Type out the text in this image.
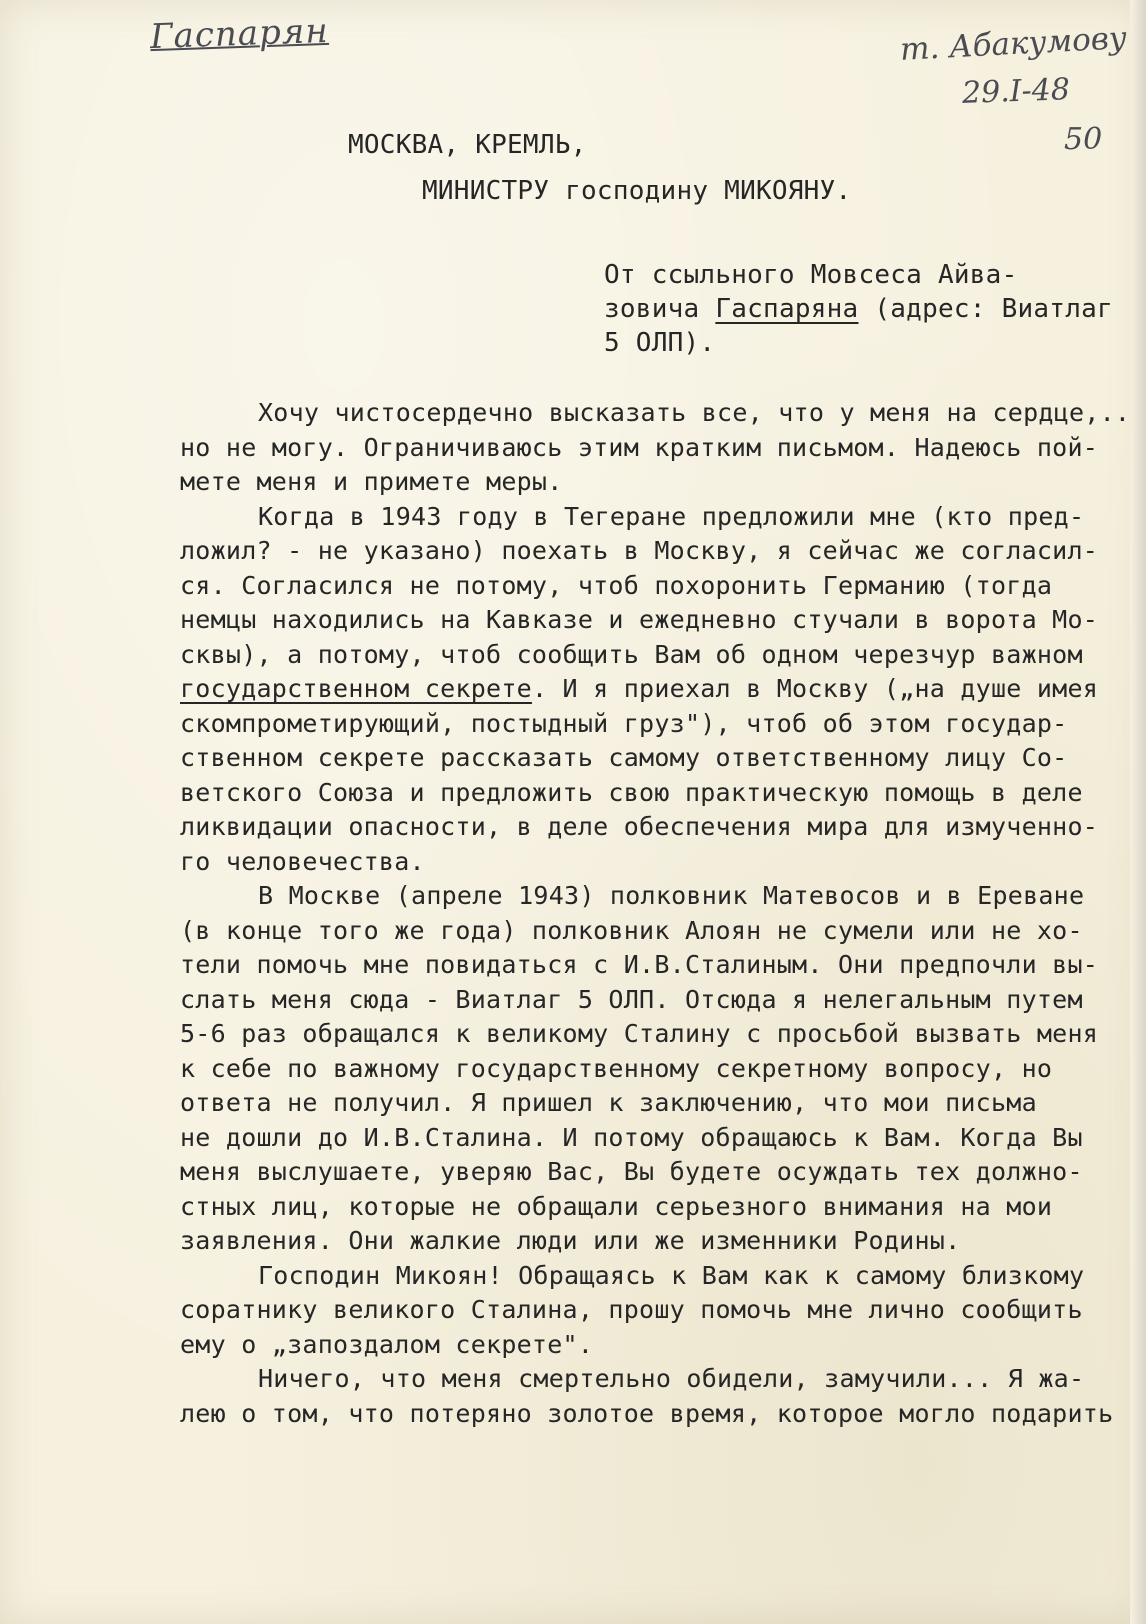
Гаспарян	т. Абакумову
29.I-48
50
МОСКВА, КРЕМЛЬ,
МИНИСТРУ господину МИКОЯНУ.
От ссыльного Мовсеса Айва-
зовича Гаспаряна (адрес: Виатлаг
5 ОЛП).
Хочу чистосердечно высказать все, что у меня на сердце,..
но не могу. Ограничиваюсь этим кратким письмом. Надеюсь пой-
мете меня и примете меры.
Когда в 1943 году в Тегеране предложили мне (кто пред-
ложил? - не указано) поехать в Москву, я сейчас же согласил-
ся. Согласился не потому, чтоб похоронить Германию (тогда
немцы находились на Кавказе и ежедневно стучали в ворота Мо-
сквы), а потому, чтоб сообщить Вам об одном черезчур важном
государственном секрете. И я приехал в Москву („на душе имея
скомпрометирующий, постыдный груз"), чтоб об этом государ-
ственном секрете рассказать самому ответственному лицу Со-
ветского Союза и предложить свою практическую помощь в деле
ликвидации опасности, в деле обеспечения мира для измученно-
го человечества.
В Москве (апреле 1943) полковник Матевосов и в Ереване
(в конце того же года) полковник Алоян не сумели или не хо-
тели помочь мне повидаться с И.В.Сталиным. Они предпочли вы-
слать меня сюда - Виатлаг 5 ОЛП. Отсюда я нелегальным путем
5-6 раз обращался к великому Сталину с просьбой вызвать меня
к себе по важному государственному секретному вопросу, но
ответа не получил. Я пришел к заключению, что мои письма
не дошли до И.В.Сталина. И потому обращаюсь к Вам. Когда Вы
меня выслушаете, уверяю Вас, Вы будете осуждать тех должно-
стных лиц, которые не обращали серьезного внимания на мои
заявления. Они жалкие люди или же изменники Родины.
Господин Микоян! Обращаясь к Вам как к самому близкому
соратнику великого Сталина, прошу помочь мне лично сообщить
ему о „запоздалом секрете".
Ничего, что меня смертельно обидели, замучили... Я жа-
лею о том, что потеряно золотое время, которое могло подарить
